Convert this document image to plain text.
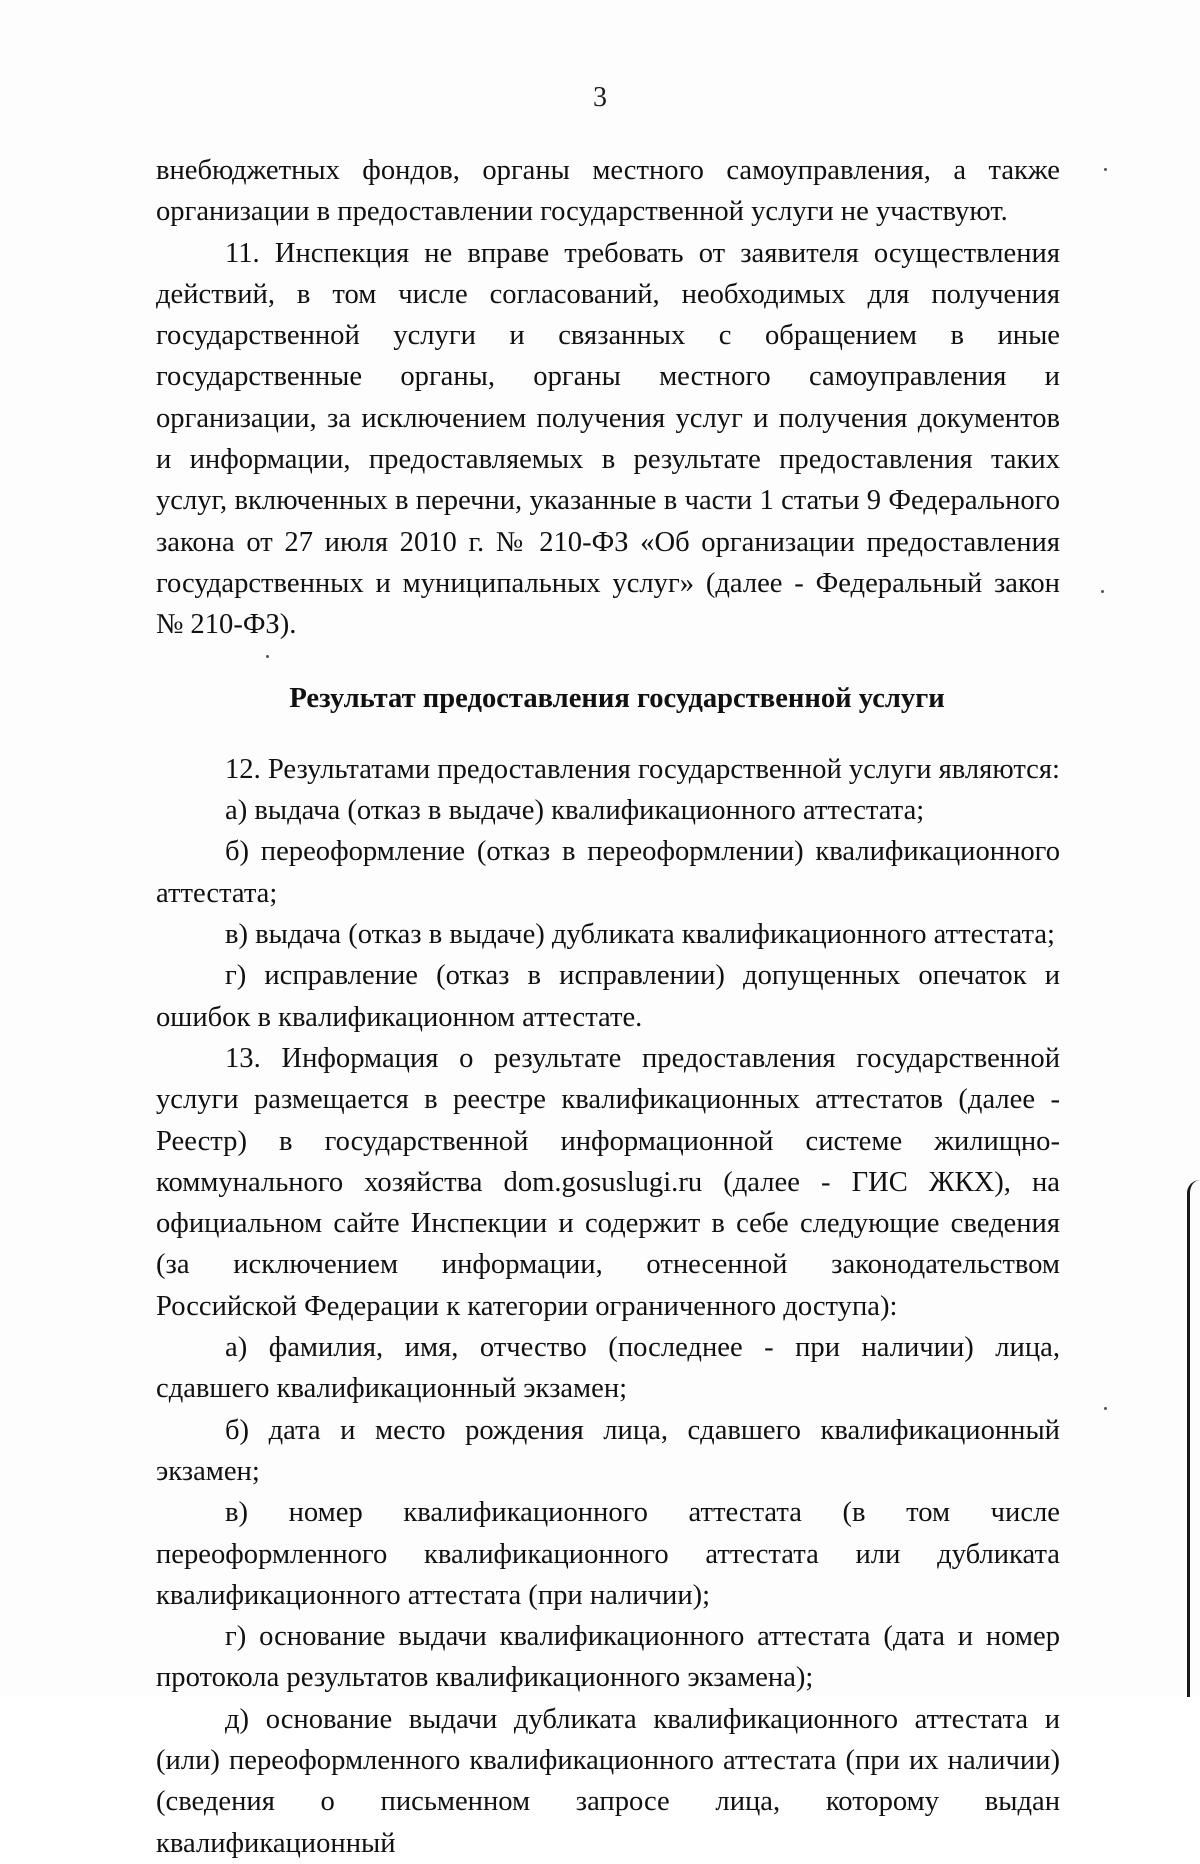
3

внебюджетных фондов, органы местного самоуправления, а также организации в предоставлении государственной услуги не участвуют.

11. Инспекция не вправе требовать от заявителя осуществления действий, в том числе согласований, необходимых для получения государственной услуги и связанных с обращением в иные государственные органы, органы местного самоуправления и организации, за исключением получения услуг и получения документов и информации, предоставляемых в результате предоставления таких услуг, включенных в перечни, указанные в части 1 статьи 9 Федерального закона от 27 июля 2010 г. № 210-ФЗ «Об организации предоставления государственных и муниципальных услуг» (далее - Федеральный закон № 210-ФЗ).

Результат предоставления государственной услуги

12. Результатами предоставления государственной услуги являются:

а) выдача (отказ в выдаче) квалификационного аттестата;

б) переоформление (отказ в переоформлении) квалификационного аттестата;

в) выдача (отказ в выдаче) дубликата квалификационного аттестата;

г) исправление (отказ в исправлении) допущенных опечаток и ошибок в квалификационном аттестате.

13. Информация о результате предоставления государственной услуги размещается в реестре квалификационных аттестатов (далее - Реестр) в государственной информационной системе жилищно-коммунального хозяйства dom.gosuslugi.ru (далее - ГИС ЖКХ), на официальном сайте Инспекции и содержит в себе следующие сведения (за исключением информации, отнесенной законодательством Российской Федерации к категории ограниченного доступа):

а) фамилия, имя, отчество (последнее - при наличии) лица, сдавшего квалификационный экзамен;

б) дата и место рождения лица, сдавшего квалификационный экзамен;

в) номер квалификационного аттестата (в том числе переоформленного квалификационного аттестата или дубликата квалификационного аттестата (при наличии);

г) основание выдачи квалификационного аттестата (дата и номер протокола результатов квалификационного экзамена);

д) основание выдачи дубликата квалификационного аттестата и (или) переоформленного квалификационного аттестата (при их наличии) (сведения о письменном запросе лица, которому выдан квалификационный
